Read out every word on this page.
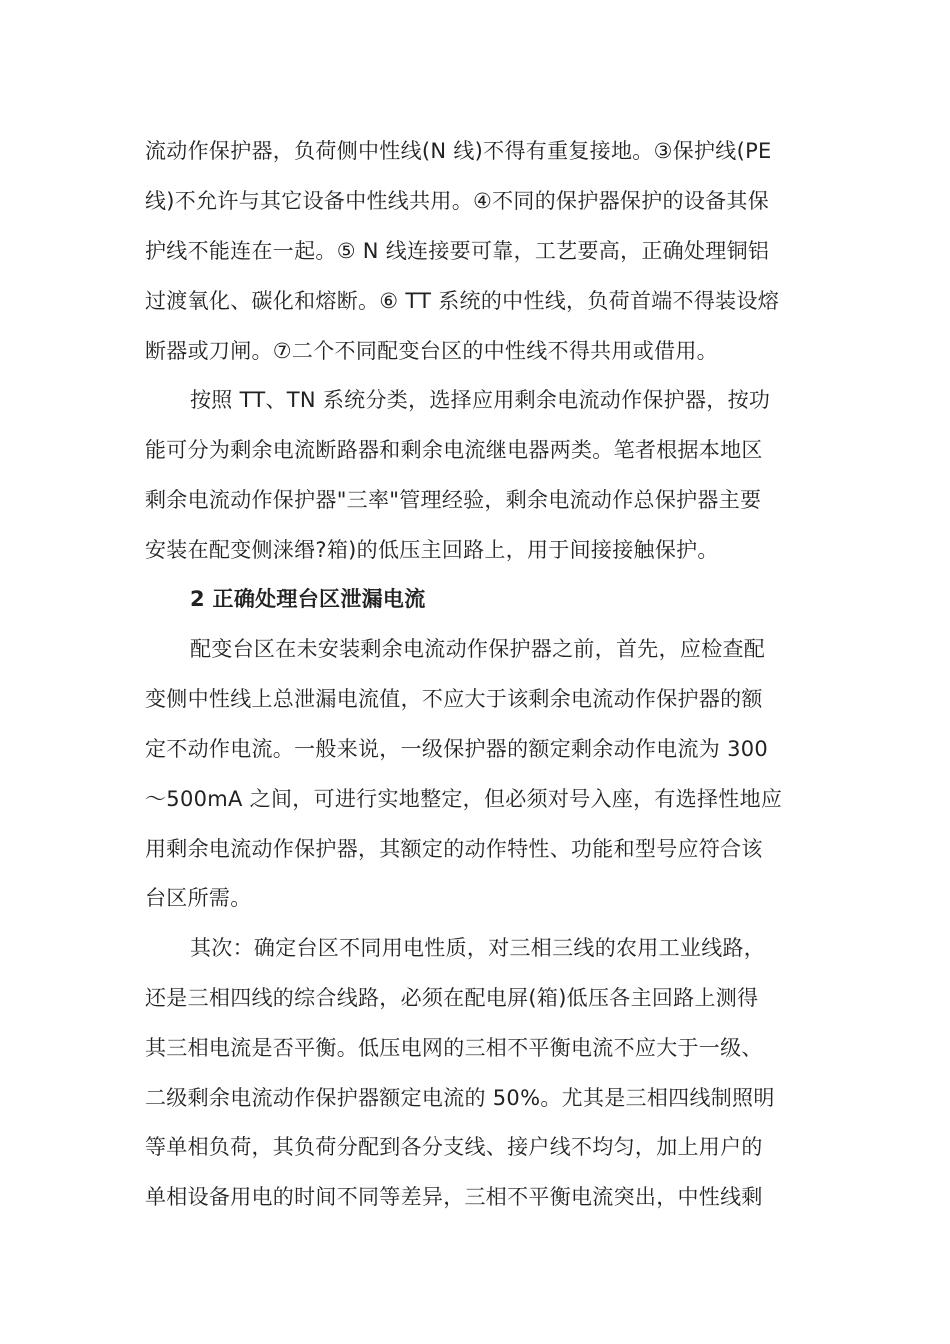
流动作保护器，负荷侧中性线(N 线)不得有重复接地。③保护线(PE
线)不允许与其它设备中性线共用。④不同的保护器保护的设备其保
护线不能连在一起。⑤ N 线连接要可靠，工艺要高，正确处理铜铝
过渡氧化、碳化和熔断。⑥ TT 系统的中性线，负荷首端不得装设熔
断器或刀闸。⑦二个不同配变台区的中性线不得共用或借用。
按照 TT、TN 系统分类，选择应用剩余电流动作保护器，按功
能可分为剩余电流断路器和剩余电流继电器两类。笔者根据本地区
剩余电流动作保护器"三率"管理经验，剩余电流动作总保护器主要
安装在配变侧涞缗?箱)的低压主回路上，用于间接接触保护。
2 正确处理台区泄漏电流
配变台区在未安装剩余电流动作保护器之前，首先，应检查配
变侧中性线上总泄漏电流值，不应大于该剩余电流动作保护器的额
定不动作电流。一般来说，一级保护器的额定剩余动作电流为 300
～500mA 之间，可进行实地整定，但必须对号入座，有选择性地应
用剩余电流动作保护器，其额定的动作特性、功能和型号应符合该
台区所需。
其次：确定台区不同用电性质，对三相三线的农用工业线路，
还是三相四线的综合线路，必须在配电屏(箱)低压各主回路上测得
其三相电流是否平衡。低压电网的三相不平衡电流不应大于一级、
二级剩余电流动作保护器额定电流的 50%。尤其是三相四线制照明
等单相负荷，其负荷分配到各分支线、接户线不均匀，加上用户的
单相设备用电的时间不同等差异，三相不平衡电流突出，中性线剩
